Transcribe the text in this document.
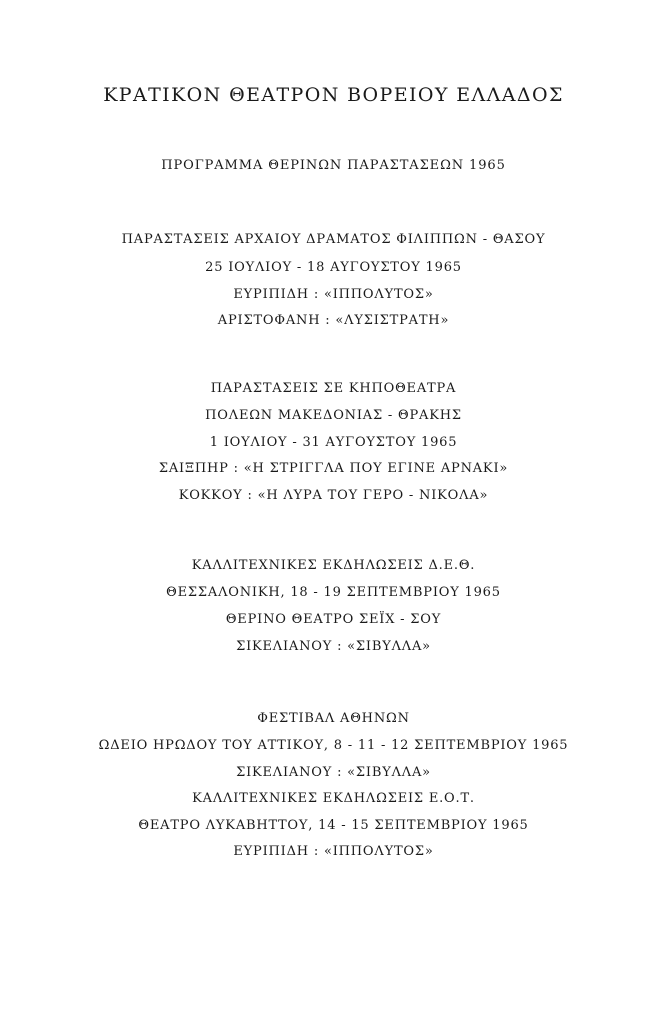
ΚΡΑΤΙΚΟΝ ΘΕΑΤΡΟΝ ΒΟΡΕΙΟΥ ΕΛΛΑΔΟΣ
ΠΡΟΓΡΑΜΜΑ ΘΕΡΙΝΩΝ ΠΑΡΑΣΤΑΣΕΩΝ 1965
ΠΑΡΑΣΤΑΣΕΙΣ ΑΡΧΑΙΟΥ ΔΡΑΜΑΤΟΣ ΦΙΛΙΠΠΩΝ - ΘΑΣΟΥ
25 ΙΟΥΛΙΟΥ - 18 ΑΥΓΟΥΣΤΟΥ 1965
ΕΥΡΙΠΙΔΗ : «ΙΠΠΟΛΥΤΟΣ»
ΑΡΙΣΤΟΦΑΝΗ : «ΛΥΣΙΣΤΡΑΤΗ»
ΠΑΡΑΣΤΑΣΕΙΣ ΣΕ ΚΗΠΟΘΕΑΤΡΑ
ΠΟΛΕΩΝ ΜΑΚΕΔΟΝΙΑΣ - ΘΡΑΚΗΣ
1 ΙΟΥΛΙΟΥ - 31 ΑΥΓΟΥΣΤΟΥ 1965
ΣΑΙΞΠΗΡ : «Η ΣΤΡΙΓΓΛΑ ΠΟΥ ΕΓΙΝΕ ΑΡΝΑΚΙ»
ΚΟΚΚΟΥ : «Η ΛΥΡΑ ΤΟΥ ΓΕΡΟ - ΝΙΚΟΛΑ»
ΚΑΛΛΙΤΕΧΝΙΚΕΣ ΕΚΔΗΛΩΣΕΙΣ Δ.Ε.Θ.
ΘΕΣΣΑΛΟΝΙΚΗ, 18 - 19 ΣΕΠΤΕΜΒΡΙΟΥ 1965
ΘΕΡΙΝΟ ΘΕΑΤΡΟ ΣΕΪΧ - ΣΟΥ
ΣΙΚΕΛΙΑΝΟΥ : «ΣΙΒΥΛΛΑ»
ΦΕΣΤΙΒΑΛ ΑΘΗΝΩΝ
ΩΔΕΙΟ ΗΡΩΔΟΥ ΤΟΥ ΑΤΤΙΚΟΥ, 8 - 11 - 12 ΣΕΠΤΕΜΒΡΙΟΥ 1965
ΣΙΚΕΛΙΑΝΟΥ : «ΣΙΒΥΛΛΑ»
ΚΑΛΛΙΤΕΧΝΙΚΕΣ ΕΚΔΗΛΩΣΕΙΣ Ε.Ο.Τ.
ΘΕΑΤΡΟ ΛΥΚΑΒΗΤΤΟΥ, 14 - 15 ΣΕΠΤΕΜΒΡΙΟΥ 1965
ΕΥΡΙΠΙΔΗ : «ΙΠΠΟΛΥΤΟΣ»
